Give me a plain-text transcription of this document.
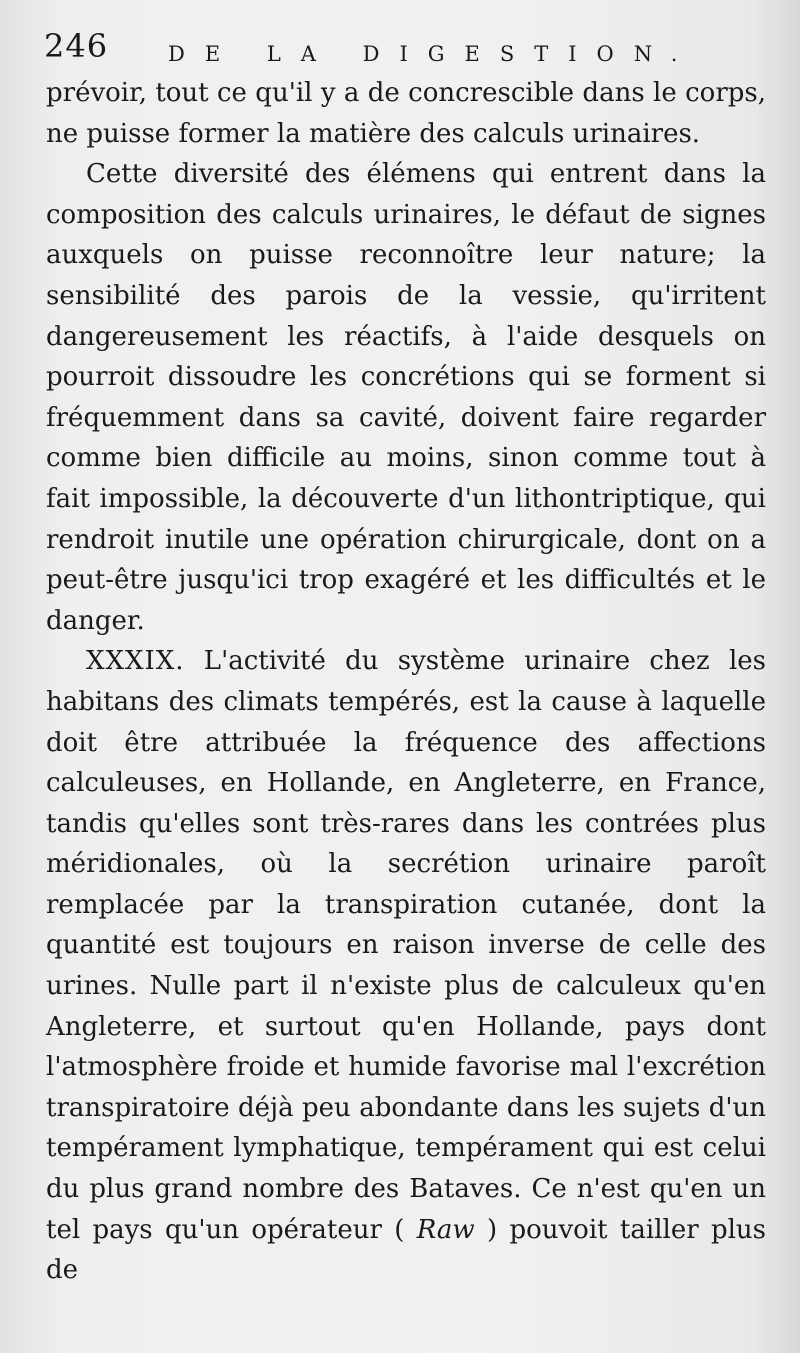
246	DE LA DIGESTION.

prévoir, tout ce qu'il y a de concrescible dans le corps, ne puisse former la matière des calculs urinaires.

Cette diversité des élémens qui entrent dans la composition des calculs urinaires, le défaut de signes auxquels on puisse reconnoître leur nature; la sensibilité des parois de la vessie, qu'irritent dangereusement les réactifs, à l'aide desquels on pourroit dissoudre les concrétions qui se forment si fréquemment dans sa cavité, doivent faire regarder comme bien difficile au moins, sinon comme tout à fait impossible, la découverte d'un lithontriptique, qui rendroit inutile une opération chirurgicale, dont on a peut-être jusqu'ici trop exagéré et les difficultés et le danger.

XXXIX. L'activité du système urinaire chez les habitans des climats tempérés, est la cause à laquelle doit être attribuée la fréquence des affections calculeuses, en Hollande, en Angleterre, en France, tandis qu'elles sont très-rares dans les contrées plus méridionales, où la secrétion urinaire paroît remplacée par la transpiration cutanée, dont la quantité est toujours en raison inverse de celle des urines. Nulle part il n'existe plus de calculeux qu'en Angleterre, et surtout qu'en Hollande, pays dont l'atmosphère froide et humide favorise mal l'excrétion transpiratoire déjà peu abondante dans les sujets d'un tempérament lymphatique, tempérament qui est celui du plus grand nombre des Bataves. Ce n'est qu'en un tel pays qu'un opérateur ( Raw ) pouvoit tailler plus de
